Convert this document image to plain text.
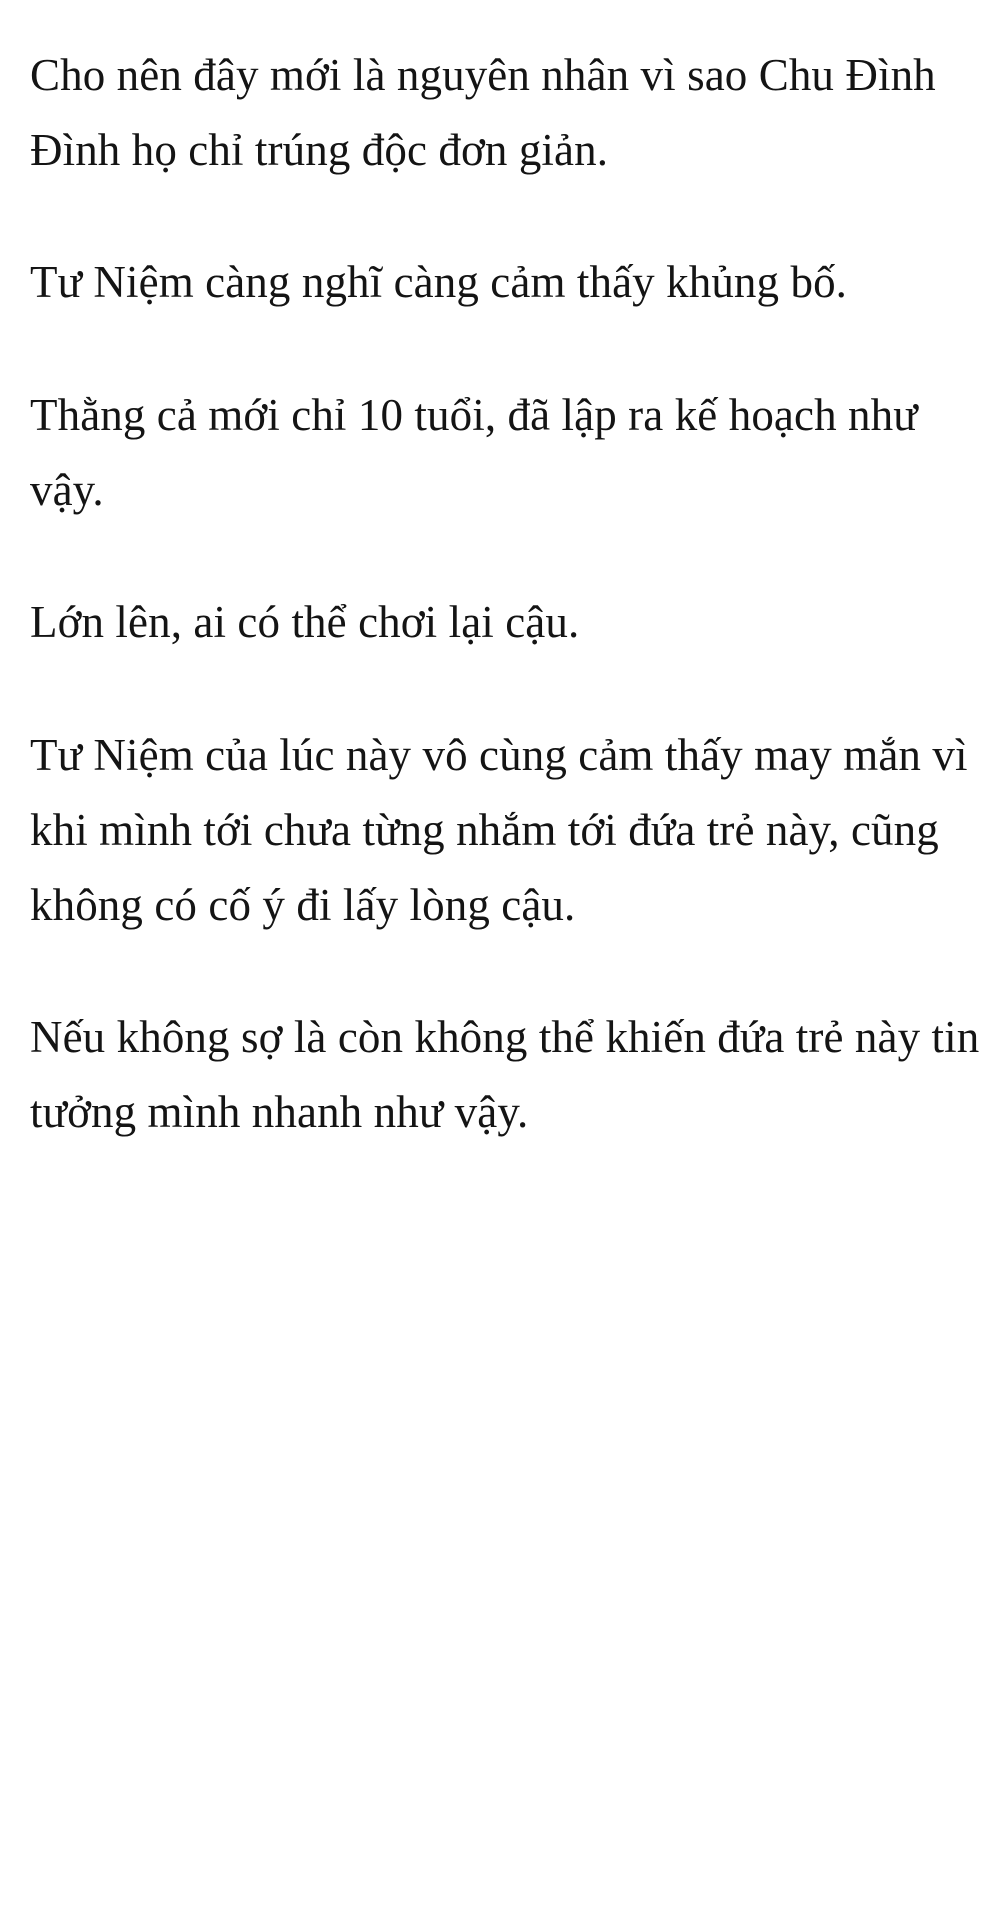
Cho nên đây mới là nguyên nhân vì sao Chu Đình Đình họ chỉ trúng độc đơn giản.

Tư Niệm càng nghĩ càng cảm thấy khủng bố.

Thằng cả mới chỉ 10 tuổi, đã lập ra kế hoạch như vậy.

Lớn lên, ai có thể chơi lại cậu.

Tư Niệm của lúc này vô cùng cảm thấy may mắn vì khi mình tới chưa từng nhắm tới đứa trẻ này, cũng không có cố ý đi lấy lòng cậu.

Nếu không sợ là còn không thể khiến đứa trẻ này tin tưởng mình nhanh như vậy.
